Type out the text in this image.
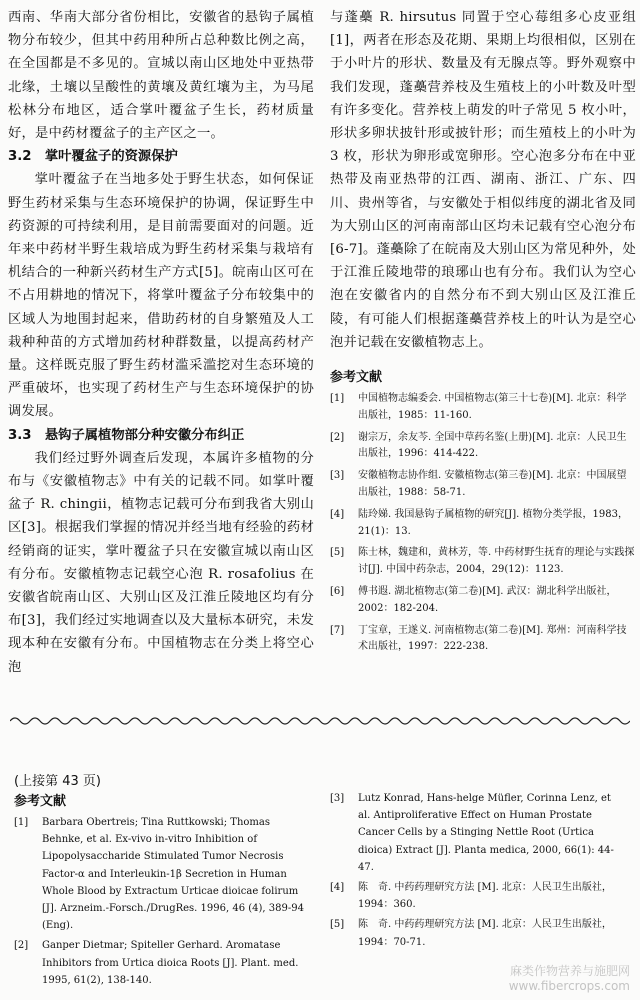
西南、华南大部分省份相比，安徽省的悬钩子属植物分布较少，但其中药用种所占总种数比例之高，在全国都是不多见的。宣城以南山区地处中亚热带北缘，土壤以呈酸性的黄壤及黄红壤为主，为马尾松林分布地区，适合掌叶覆盆子生长，药材质量好，是中药材覆盆子的主产区之一。

3.2　掌叶覆盆子的资源保护

掌叶覆盆子在当地多处于野生状态，如何保证野生药材采集与生态环境保护的协调，保证野生中药资源的可持续利用，是目前需要面对的问题。近年来中药材半野生栽培成为野生药材采集与栽培有机结合的一种新兴药材生产方式[5]。皖南山区可在不占用耕地的情况下，将掌叶覆盆子分布较集中的区域人为地围封起来，借助药材的自身繁殖及人工栽种种苗的方式增加药材种群数量，以提高药材产量。这样既克服了野生药材滥采滥挖对生态环境的严重破坏，也实现了药材生产与生态环境保护的协调发展。

3.3　悬钩子属植物部分种安徽分布纠正

我们经过野外调查后发现，本属许多植物的分布与《安徽植物志》中有关的记载不同。如掌叶覆盆子 R. chingii，植物志记载可分布到我省大别山区[3]。根据我们掌握的情况并经当地有经验的药材经销商的证实，掌叶覆盆子只在安徽宣城以南山区有分布。安徽植物志记载空心泡 R. rosafolius 在安徽省皖南山区、大别山区及江淮丘陵地区均有分布[3]，我们经过实地调查以及大量标本研究，未发现本种在安徽有分布。中国植物志在分类上将空心泡

与蓬蘽 R. hirsutus 同置于空心莓组多心皮亚组[1]，两者在形态及花期、果期上均很相似，区别在于小叶片的形状、数量及有无腺点等。野外观察中我们发现，蓬蘽营养枝及生殖枝上的小叶数及叶型有许多变化。营养枝上萌发的叶子常见 5 枚小叶，形状多卵状披针形或披针形；而生殖枝上的小叶为 3 枚，形状为卵形或宽卵形。空心泡多分布在中亚热带及南亚热带的江西、湖南、浙江、广东、四川、贵州等省，与安徽处于相似纬度的湖北省及同为大别山区的河南南部山区均未记载有空心泡分布[6-7]。蓬蘽除了在皖南及大别山区为常见种外，处于江淮丘陵地带的琅琊山也有分布。我们认为空心泡在安徽省内的自然分布不到大别山区及江淮丘陵，有可能人们根据蓬蘽营养枝上的叶认为是空心泡并记载在安徽植物志上。

参考文献
[1]	中国植物志编委会. 中国植物志(第三十七卷)[M]. 北京：科学出版社，1985：11-160.
[2]	谢宗万，余友芩. 全国中草药名鉴(上册)[M]. 北京：人民卫生出版社，1996：414-422.
[3]	安徽植物志协作组. 安徽植物志(第三卷)[M]. 北京：中国展望出版社，1988：58-71.
[4]	陆玲娣. 我国悬钩子属植物的研究[J]. 植物分类学报，1983，21(1)：13.
[5]	陈士林，魏建和，黄林芳，等. 中药材野生抚育的理论与实践探讨[J]. 中国中药杂志，2004，29(12)：1123.
[6]	傅书遐. 湖北植物志(第二卷)[M]. 武汉：湖北科学出版社，2002：182-204.
[7]	丁宝章，王遂义. 河南植物志(第二卷)[M]. 郑州：河南科学技术出版社，1997：222-238.
(上接第 43 页)
参考文献
[1]	Barbara Obertreis; Tina Ruttkowski; Thomas Behnke, et al. Ex-vivo in-vitro Inhibition of Lipopolysaccharide Stimulated Tumor Necrosis Factor-α and Interleukin-1β Secretion in Human Whole Blood by Extractum Urticae dioicae folirum [J]. Arzneim.-Forsch./DrugRes. 1996, 46 (4), 389-94 (Eng).
[2]	Ganper Dietmar; Spiteller Gerhard. Aromatase Inhibitors from Urtica dioica Roots [J]. Plant. med. 1995, 61(2), 138-140.
[3]	Lutz Konrad, Hans-helge Müfler, Corinna Lenz, et al. Antiproliferative Effect on Human Prostate Cancer Cells by a Stinging Nettle Root (Urtica dioica) Extract [J]. Planta medica, 2000, 66(1): 44-47.
[4]	陈　奇. 中药药理研究方法 [M]. 北京：人民卫生出版社，1994：360.
[5]	陈　奇. 中药药理研究方法 [M]. 北京：人民卫生出版社，1994：70-71.
麻类作物营养与施肥网
www.fibercrops.com
